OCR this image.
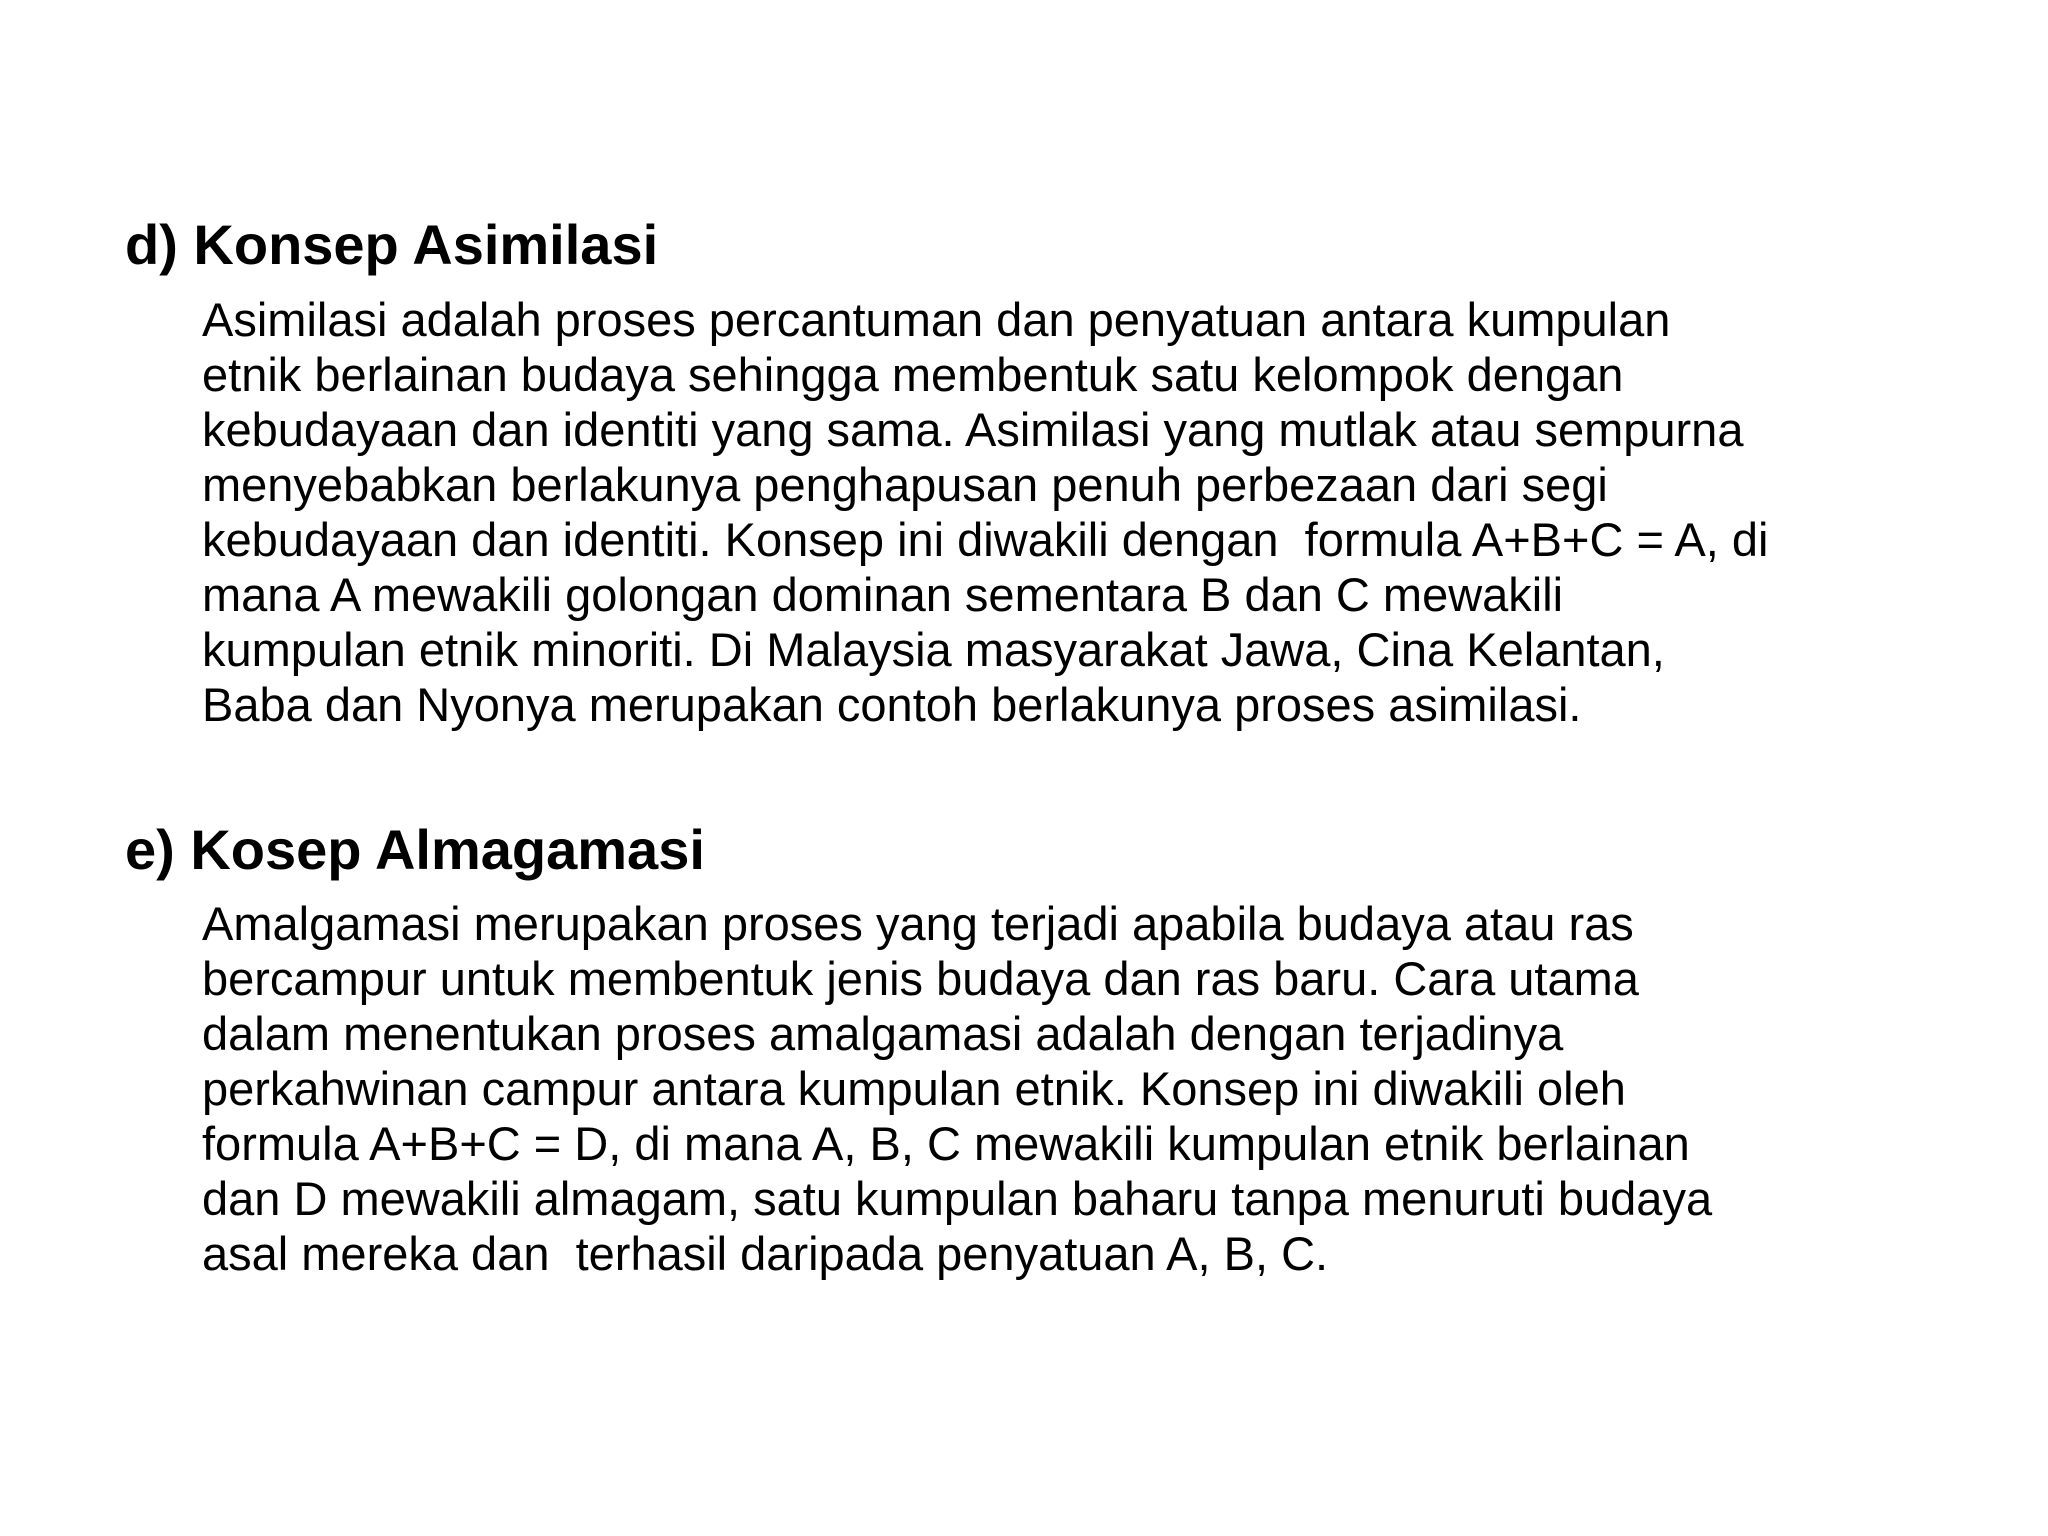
d) Konsep Asimilasi
Asimilasi adalah proses percantuman dan penyatuan antara kumpulan
etnik berlainan budaya sehingga membentuk satu kelompok dengan
kebudayaan dan identiti yang sama. Asimilasi yang mutlak atau sempurna
menyebabkan berlakunya penghapusan penuh perbezaan dari segi
kebudayaan dan identiti. Konsep ini diwakili dengan  formula A+B+C = A, di
mana A mewakili golongan dominan sementara B dan C mewakili
kumpulan etnik minoriti. Di Malaysia masyarakat Jawa, Cina Kelantan,
Baba dan Nyonya merupakan contoh berlakunya proses asimilasi.
e) Kosep Almagamasi
Amalgamasi merupakan proses yang terjadi apabila budaya atau ras
bercampur untuk membentuk jenis budaya dan ras baru. Cara utama
dalam menentukan proses amalgamasi adalah dengan terjadinya
perkahwinan campur antara kumpulan etnik. Konsep ini diwakili oleh
formula A+B+C = D, di mana A, B, C mewakili kumpulan etnik berlainan
dan D mewakili almagam, satu kumpulan baharu tanpa menuruti budaya
asal mereka dan  terhasil daripada penyatuan A, B, C.
